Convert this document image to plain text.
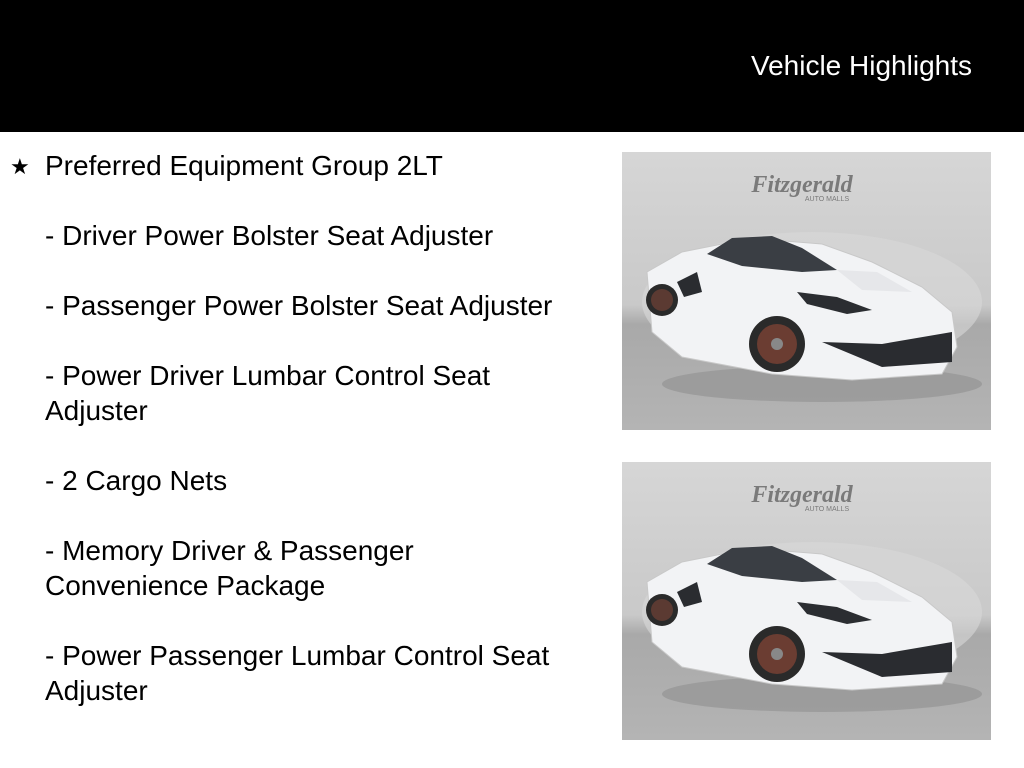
Vehicle Highlights
★ Preferred Equipment Group 2LT
- Driver Power Bolster Seat Adjuster
- Passenger Power Bolster Seat Adjuster
- Power Driver Lumbar Control Seat Adjuster
- 2 Cargo Nets
- Memory Driver & Passenger Convenience Package
- Power Passenger Lumbar Control Seat Adjuster
Fitzgerald
AUTO MALLS
Fitzgerald
AUTO MALLS
